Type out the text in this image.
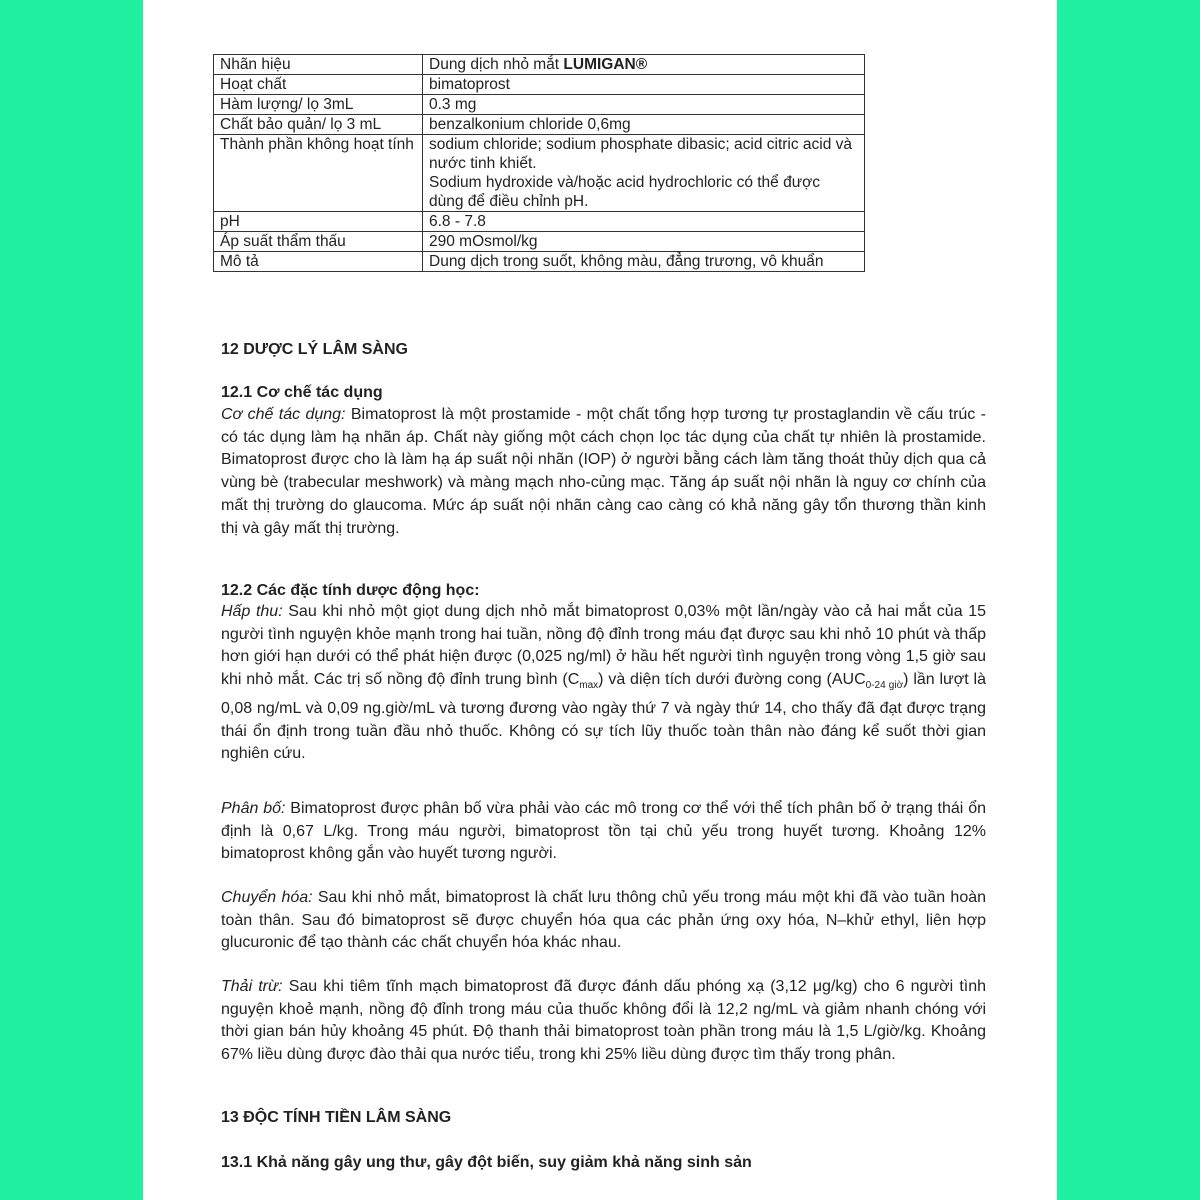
Nhãn hiệu	Dung dịch nhỏ mắt LUMIGAN®
Hoạt chất	bimatoprost
Hàm lượng/ lọ 3mL	0.3 mg
Chất bảo quản/ lọ 3 mL	benzalkonium chloride 0,6mg
Thành phần không hoạt tính	sodium chloride; sodium phosphate dibasic; acid citric acid và nước tinh khiết.
Sodium hydroxide và/hoặc acid hydrochloric có thể được dùng để điều chỉnh pH.

pH	6.8 - 7.8
Áp suất thẩm thấu	290 mOsmol/kg
Mô tả	Dung dịch trong suốt, không màu, đẳng trương, vô khuẩn
12 DƯỢC LÝ LÂM SÀNG
12.1 Cơ chế tác dụng

Cơ chế tác dụng: Bimatoprost là một prostamide - một chất tổng hợp tương tự prostaglandin về cấu trúc - có tác dụng làm hạ nhãn áp. Chất này giống một cách chọn lọc tác dụng của chất tự nhiên là prostamide. Bimatoprost được cho là làm hạ áp suất nội nhãn (IOP) ở người bằng cách làm tăng thoát thủy dịch qua cả vùng bè (trabecular meshwork) và màng mạch nho-củng mạc. Tăng áp suất nội nhãn là nguy cơ chính của mất thị trường do glaucoma. Mức áp suất nội nhãn càng cao càng có khả năng gây tổn thương thần kinh thị và gây mất thị trường.

12.2 Các đặc tính dược động học:

Hấp thu: Sau khi nhỏ một giọt dung dịch nhỏ mắt bimatoprost 0,03% một lần/ngày vào cả hai mắt của 15 người tình nguyện khỏe mạnh trong hai tuần, nồng độ đỉnh trong máu đạt được sau khi nhỏ 10 phút và thấp hơn giới hạn dưới có thể phát hiện được (0,025 ng/ml) ở hầu hết người tình nguyện trong vòng 1,5 giờ sau khi nhỏ mắt. Các trị số nồng độ đỉnh trung bình $(C_{max})$ và diện tích dưới đường cong $(AUC_{0-24 giờ})$ lần lượt là 0,08 ng/mL và 0,09 ng.giờ/mL và tương đương vào ngày thứ 7 và ngày thứ 14, cho thấy đã đạt được trạng thái ổn định trong tuần đầu nhỏ thuốc. Không có sự tích lũy thuốc toàn thân nào đáng kể suốt thời gian nghiên cứu.

Phân bố: Bimatoprost được phân bố vừa phải vào các mô trong cơ thể với thể tích phân bố ở trạng thái ổn định là 0,67 L/kg. Trong máu người, bimatoprost tồn tại chủ yếu trong huyết tương. Khoảng 12% bimatoprost không gắn vào huyết tương người.

Chuyển hóa: Sau khi nhỏ mắt, bimatoprost là chất lưu thông chủ yếu trong máu một khi đã vào tuần hoàn toàn thân. Sau đó bimatoprost sẽ được chuyển hóa qua các phản ứng oxy hóa, N–khử ethyl, liên hợp glucuronic để tạo thành các chất chuyển hóa khác nhau.

Thải trừ: Sau khi tiêm tĩnh mạch bimatoprost đã được đánh dấu phóng xạ (3,12 μg/kg) cho 6 người tình nguyện khoẻ mạnh, nồng độ đỉnh trong máu của thuốc không đổi là 12,2 ng/mL và giảm nhanh chóng với thời gian bán hủy khoảng 45 phút. Độ thanh thải bimatoprost toàn phần trong máu là 1,5 L/giờ/kg. Khoảng 67% liều dùng được đào thải qua nước tiểu, trong khi 25% liều dùng được tìm thấy trong phân.

13 ĐỘC TÍNH TIỀN LÂM SÀNG
13.1 Khả năng gây ung thư, gây đột biến, suy giảm khả năng sinh sản
